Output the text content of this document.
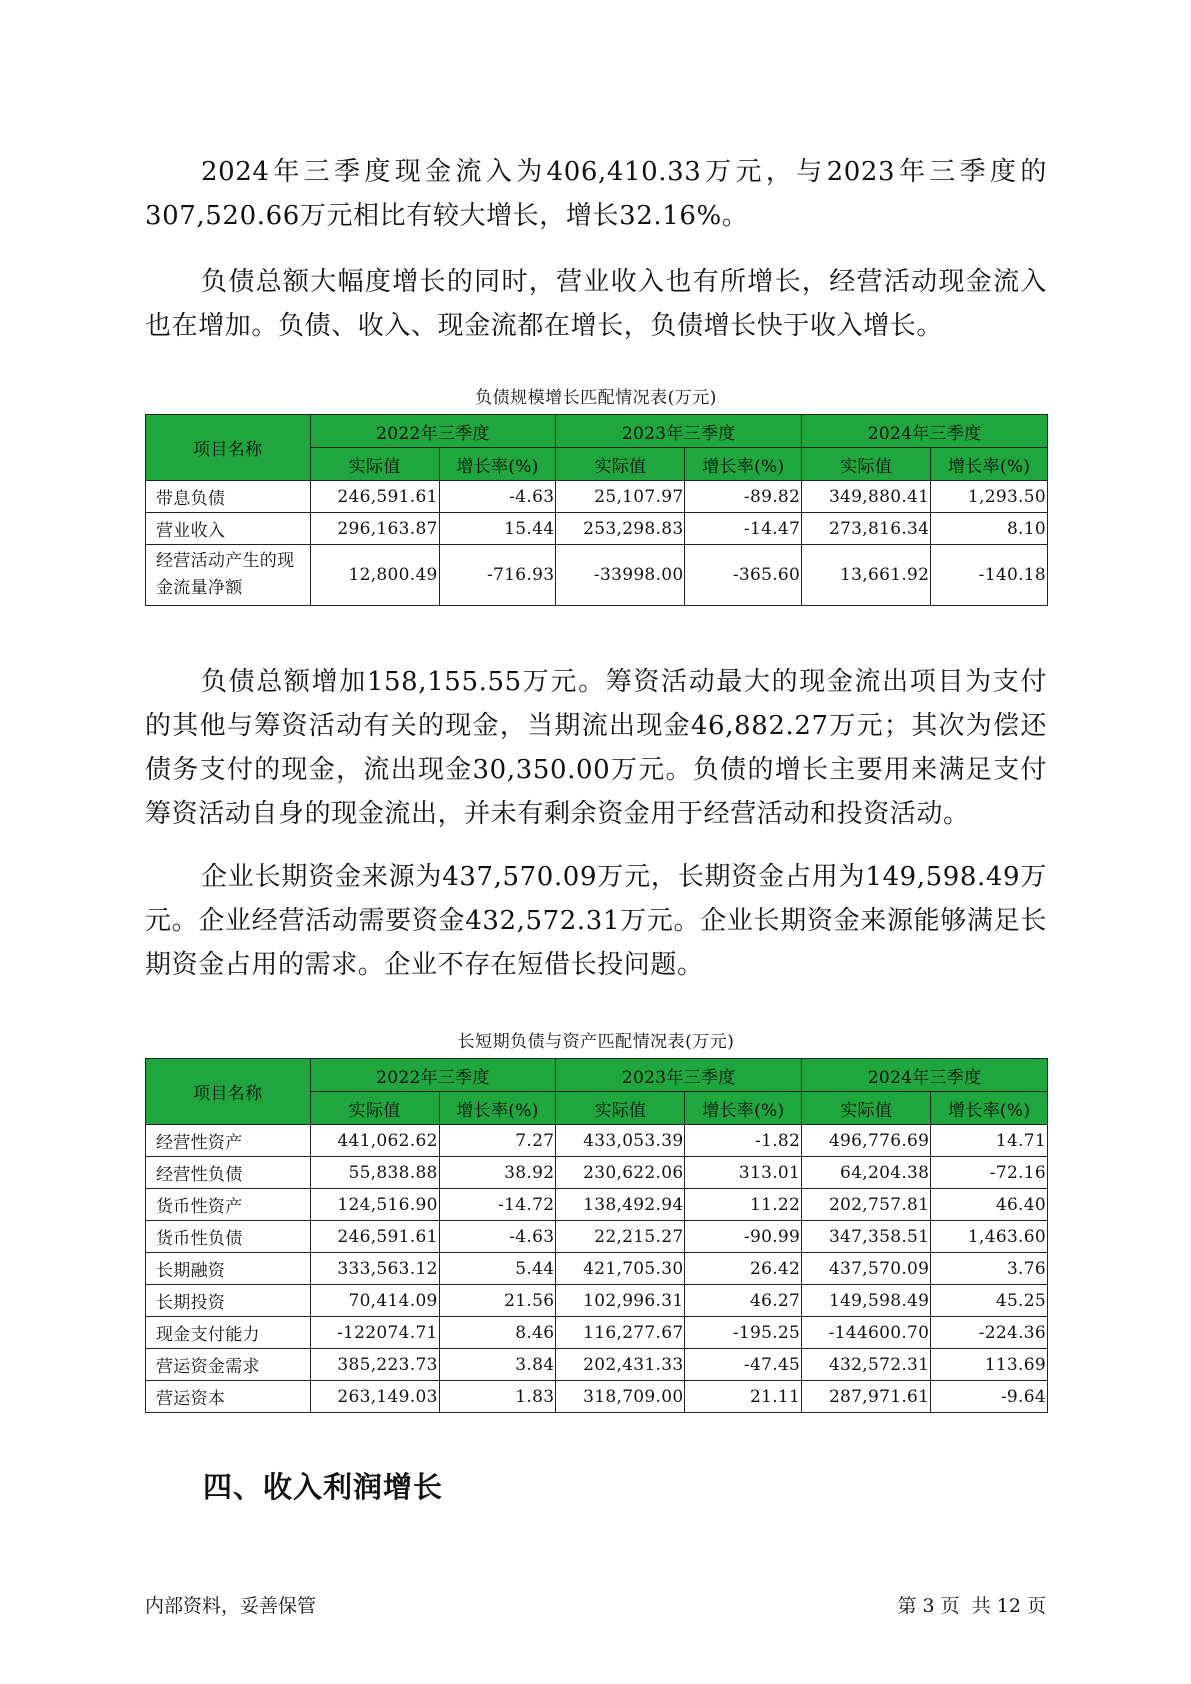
2024年三季度现金流入为406,410.33万元，与2023年三季度的307,520.66万元相比有较大增长，增长32.16%。

负债总额大幅度增长的同时，营业收入也有所增长，经营活动现金流入也在增加。负债、收入、现金流都在增长，负债增长快于收入增长。

负债规模增长匹配情况表(万元)
项目名称	2022年三季度		2023年三季度		2024年三季度	
	实际值	增长率(%)	实际值	增长率(%)	实际值	增长率(%)
带息负债	246,591.61	-4.63	25,107.97	-89.82	349,880.41	1,293.50
营业收入	296,163.87	15.44	253,298.83	-14.47	273,816.34	8.10
经营活动产生的现金流量净额	12,800.49	-716.93	-33998.00	-365.60	13,661.92	-140.18

负债总额增加158,155.55万元。筹资活动最大的现金流出项目为支付的其他与筹资活动有关的现金，当期流出现金46,882.27万元；其次为偿还债务支付的现金，流出现金30,350.00万元。负债的增长主要用来满足支付筹资活动自身的现金流出，并未有剩余资金用于经营活动和投资活动。

企业长期资金来源为437,570.09万元，长期资金占用为149,598.49万元。企业经营活动需要资金432,572.31万元。企业长期资金来源能够满足长期资金占用的需求。企业不存在短借长投问题。

长短期负债与资产匹配情况表(万元)
项目名称	2022年三季度		2023年三季度		2024年三季度	
	实际值	增长率(%)	实际值	增长率(%)	实际值	增长率(%)
经营性资产	441,062.62	7.27	433,053.39	-1.82	496,776.69	14.71
经营性负债	55,838.88	38.92	230,622.06	313.01	64,204.38	-72.16
货币性资产	124,516.90	-14.72	138,492.94	11.22	202,757.81	46.40
货币性负债	246,591.61	-4.63	22,215.27	-90.99	347,358.51	1,463.60
长期融资	333,563.12	5.44	421,705.30	26.42	437,570.09	3.76
长期投资	70,414.09	21.56	102,996.31	46.27	149,598.49	45.25
现金支付能力	-122074.71	8.46	116,277.67	-195.25	-144600.70	-224.36
营运资金需求	385,223.73	3.84	202,431.33	-47.45	432,572.31	113.69
营运资本	263,149.03	1.83	318,709.00	21.11	287,971.61	-9.64
四、收入利润增长
内部资料，妥善保管	第 3 页  共 12 页
